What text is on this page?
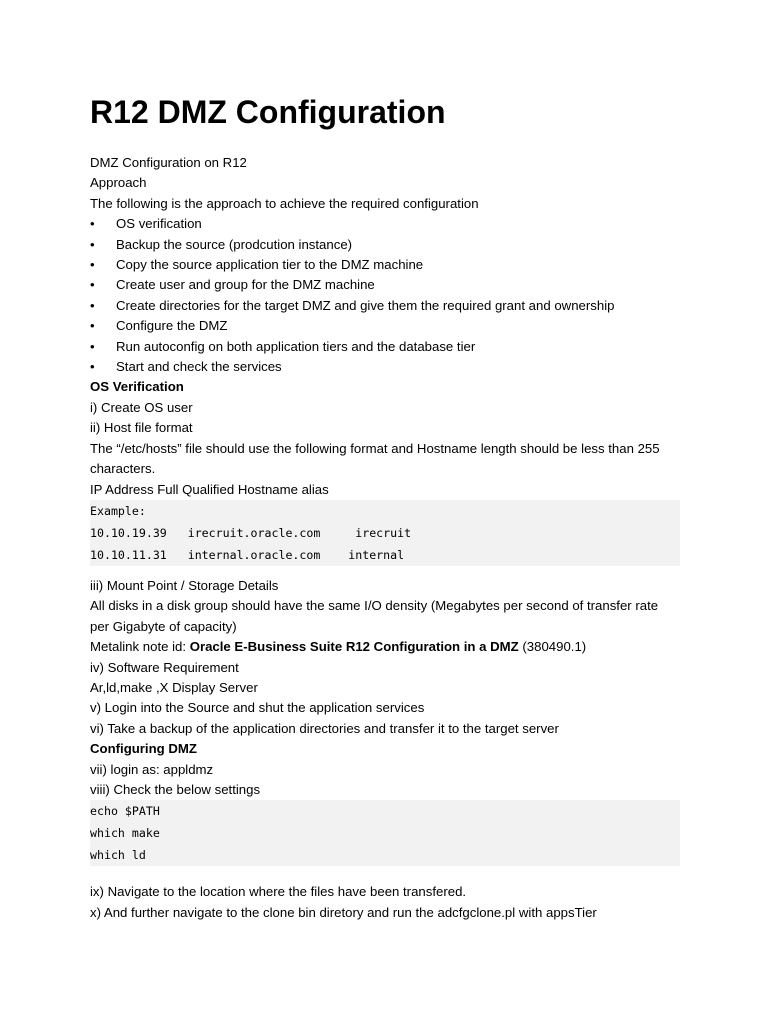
R12 DMZ Configuration
DMZ Configuration on R12
Approach
The following is the approach to achieve the required configuration
• OS verification
• Backup the source (prodcution instance)
• Copy the source application tier to the DMZ machine
• Create user and group for the DMZ machine
• Create directories for the target DMZ and give them the required grant and ownership
• Configure the DMZ
• Run autoconfig on both application tiers and the database tier
• Start and check the services
OS Verification
i) Create OS user
ii) Host file format
The “/etc/hosts” file should use the following format and Hostname length should be less than 255 characters.
IP Address Full Qualified Hostname alias
Example:
10.10.19.39   irecruit.oracle.com     irecruit
10.10.11.31   internal.oracle.com    internal
iii) Mount Point / Storage Details
All disks in a disk group should have the same I/O density (Megabytes per second of transfer rate per Gigabyte of capacity)
Metalink note id: Oracle E-Business Suite R12 Configuration in a DMZ (380490.1)
iv) Software Requirement
Ar,ld,make ,X Display Server
v) Login into the Source and shut the application services
vi) Take a backup of the application directories and transfer it to the target server
Configuring DMZ
vii) login as: appldmz
viii) Check the below settings
echo $PATH
which make
which ld
ix) Navigate to the location where the files have been transfered.
x) And further navigate to the clone bin diretory and run the adcfgclone.pl with appsTier
